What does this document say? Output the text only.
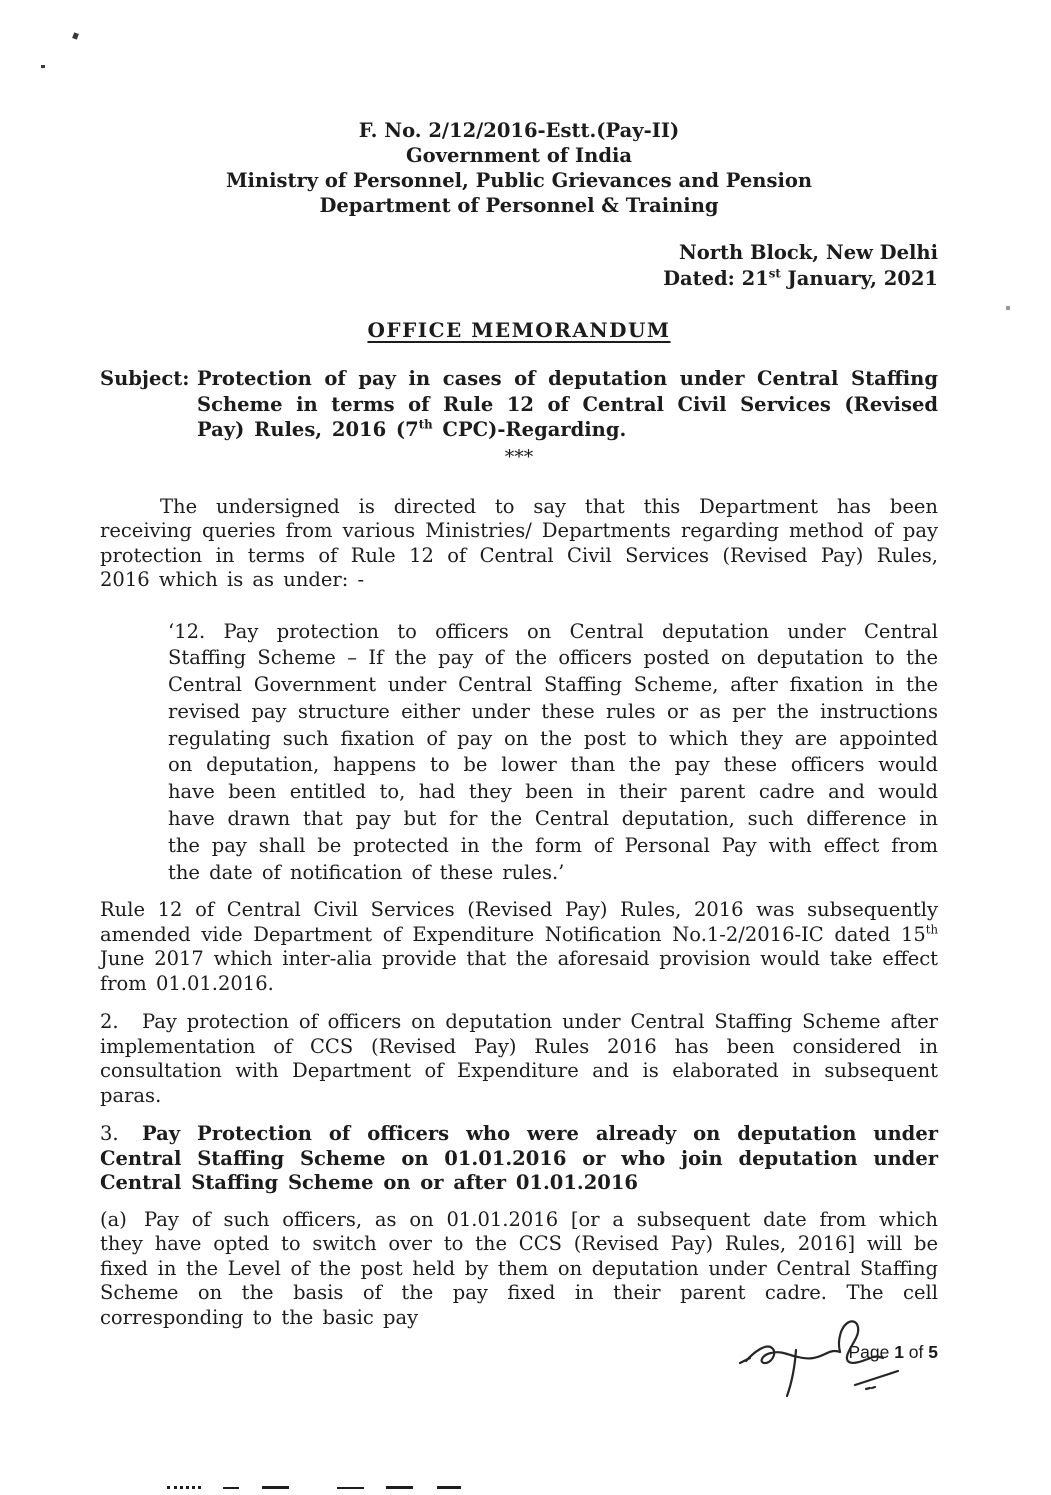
F. No. 2/12/2016-Estt.(Pay-II)
Government of India
Ministry of Personnel, Public Grievances and Pension
Department of Personnel & Training
North Block, New Delhi
Dated: 21st January, 2021
OFFICE MEMORANDUM
Subject: Protection of pay in cases of deputation under Central Staffing Scheme in terms of Rule 12 of Central Civil Services (Revised Pay) Rules, 2016 (7th CPC)-Regarding.
***
The undersigned is directed to say that this Department has been receiving queries from various Ministries/ Departments regarding method of pay protection in terms of Rule 12 of Central Civil Services (Revised Pay) Rules, 2016 which is as under: -
‘12. Pay protection to officers on Central deputation under Central Staffing Scheme – If the pay of the officers posted on deputation to the Central Government under Central Staffing Scheme, after fixation in the revised pay structure either under these rules or as per the instructions regulating such fixation of pay on the post to which they are appointed on deputation, happens to be lower than the pay these officers would have been entitled to, had they been in their parent cadre and would have drawn that pay but for the Central deputation, such difference in the pay shall be protected in the form of Personal Pay with effect from the date of notification of these rules.’
Rule 12 of Central Civil Services (Revised Pay) Rules, 2016 was subsequently amended vide Department of Expenditure Notification No.1-2/2016-IC dated 15th June 2017 which inter-alia provide that the aforesaid provision would take effect from 01.01.2016.
2. Pay protection of officers on deputation under Central Staffing Scheme after implementation of CCS (Revised Pay) Rules 2016 has been considered in consultation with Department of Expenditure and is elaborated in subsequent paras.
3. Pay Protection of officers who were already on deputation under Central Staffing Scheme on 01.01.2016 or who join deputation under Central Staffing Scheme on or after 01.01.2016
(a) Pay of such officers, as on 01.01.2016 [or a subsequent date from which they have opted to switch over to the CCS (Revised Pay) Rules, 2016] will be fixed in the Level of the post held by them on deputation under Central Staffing Scheme on the basis of the pay fixed in their parent cadre. The cell corresponding to the basic pay
Page 1 of 5
